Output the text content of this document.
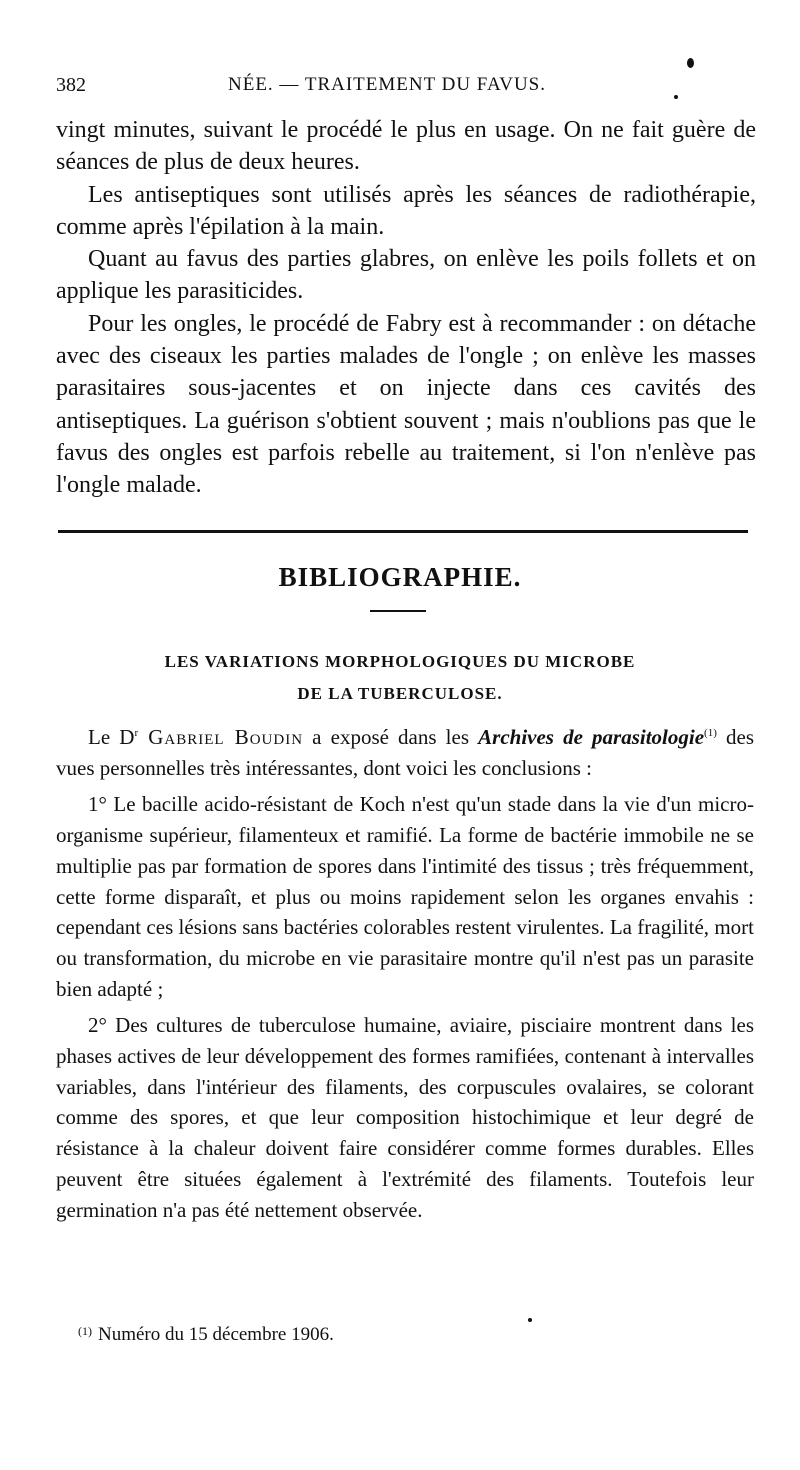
382	NÉE. — TRAITEMENT DU FAVUS.

vingt minutes, suivant le procédé le plus en usage. On ne fait guère de séances de plus de deux heures.

Les antiseptiques sont utilisés après les séances de radiothérapie, comme après l'épilation à la main.

Quant au favus des parties glabres, on enlève les poils follets et on applique les parasiticides.

Pour les ongles, le procédé de Fabry est à recommander : on détache avec des ciseaux les parties malades de l'ongle ; on enlève les masses parasitaires sous-jacentes et on injecte dans ces cavités des antiseptiques. La guérison s'obtient souvent ; mais n'oublions pas que le favus des ongles est parfois rebelle au traitement, si l'on n'enlève pas l'ongle malade.

BIBLIOGRAPHIE.
LES VARIATIONS MORPHOLOGIQUES DU MICROBE
DE LA TUBERCULOSE.

Le $D^r$ Gabriel Boudin a exposé dans les Archives de parasitologie$^{(1)}$ des vues personnelles très intéressantes, dont voici les conclusions :

1° Le bacille acido-résistant de Koch n'est qu'un stade dans la vie d'un micro-organisme supérieur, filamenteux et ramifié. La forme de bactérie immobile ne se multiplie pas par formation de spores dans l'intimité des tissus ; très fréquemment, cette forme disparaît, et plus ou moins rapidement selon les organes envahis : cependant ces lésions sans bactéries colorables restent virulentes. La fragilité, mort ou transformation, du microbe en vie parasitaire montre qu'il n'est pas un parasite bien adapté ;

2° Des cultures de tuberculose humaine, aviaire, pisciaire montrent dans les phases actives de leur développement des formes ramifiées, contenant à intervalles variables, dans l'intérieur des filaments, des corpuscules ovalaires, se colorant comme des spores, et que leur composition histochimique et leur degré de résistance à la chaleur doivent faire considérer comme formes durables. Elles peuvent être situées également à l'extrémité des filaments. Toutefois leur germination n'a pas été nettement observée.

$^{(1)}$ Numéro du 15 décembre 1906.
